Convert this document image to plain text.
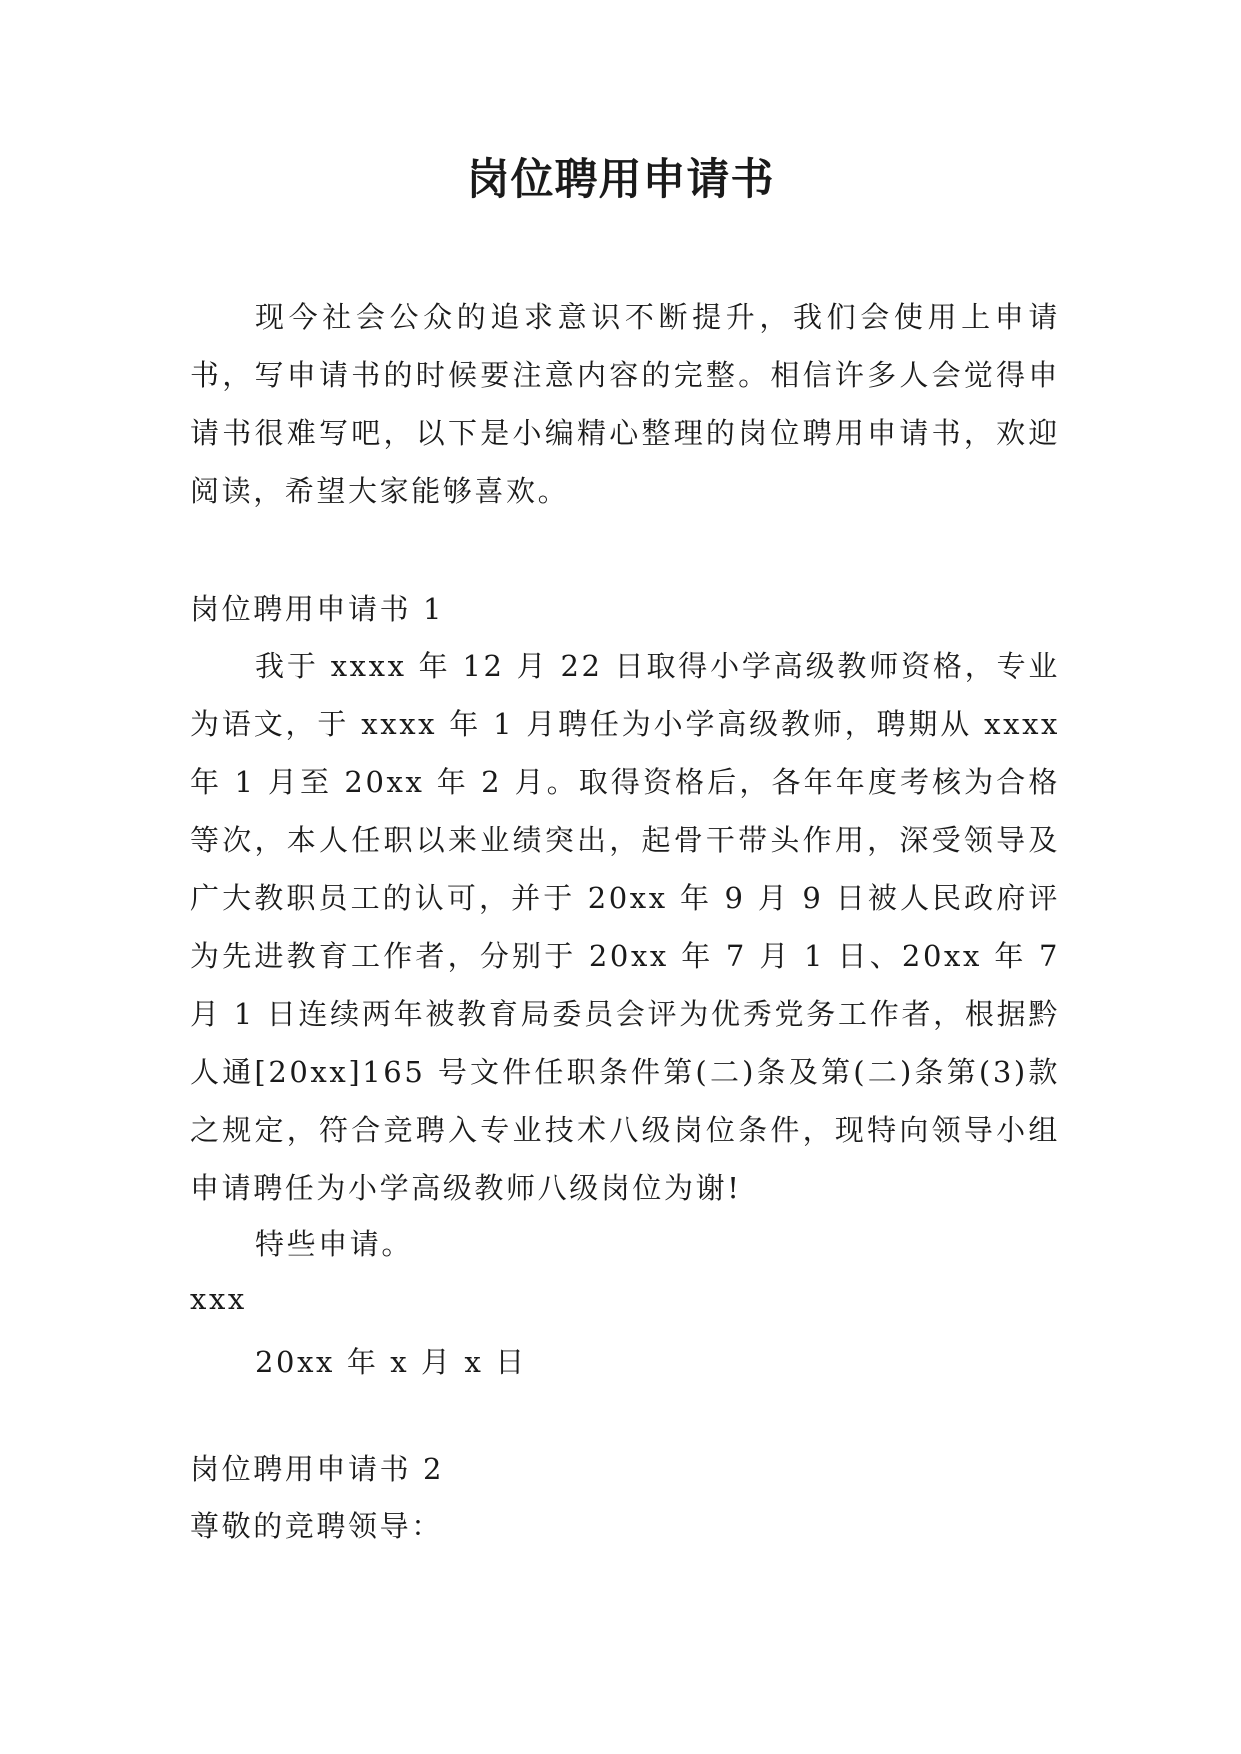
岗位聘用申请书

现今社会公众的追求意识不断提升，我们会使用上申请书，写申请书的时候要注意内容的完整。相信许多人会觉得申请书很难写吧，以下是小编精心整理的岗位聘用申请书，欢迎阅读，希望大家能够喜欢。

岗位聘用申请书 1

我于 xxxx 年 12 月 22 日取得小学高级教师资格，专业为语文，于 xxxx 年 1 月聘任为小学高级教师，聘期从 xxxx 年 1 月至 20xx 年 2 月。取得资格后，各年年度考核为合格等次，本人任职以来业绩突出，起骨干带头作用，深受领导及广大教职员工的认可，并于 20xx 年 9 月 9 日被人民政府评为先进教育工作者，分别于 20xx 年 7 月 1 日、20xx 年 7 月 1 日连续两年被教育局委员会评为优秀党务工作者，根据黔人通[20xx]165 号文件任职条件第(二)条及第(二)条第(3)款之规定，符合竞聘入专业技术八级岗位条件，现特向领导小组申请聘任为小学高级教师八级岗位为谢!

特些申请。

xxx

20xx 年 x 月 x 日

岗位聘用申请书 2

尊敬的竞聘领导：
